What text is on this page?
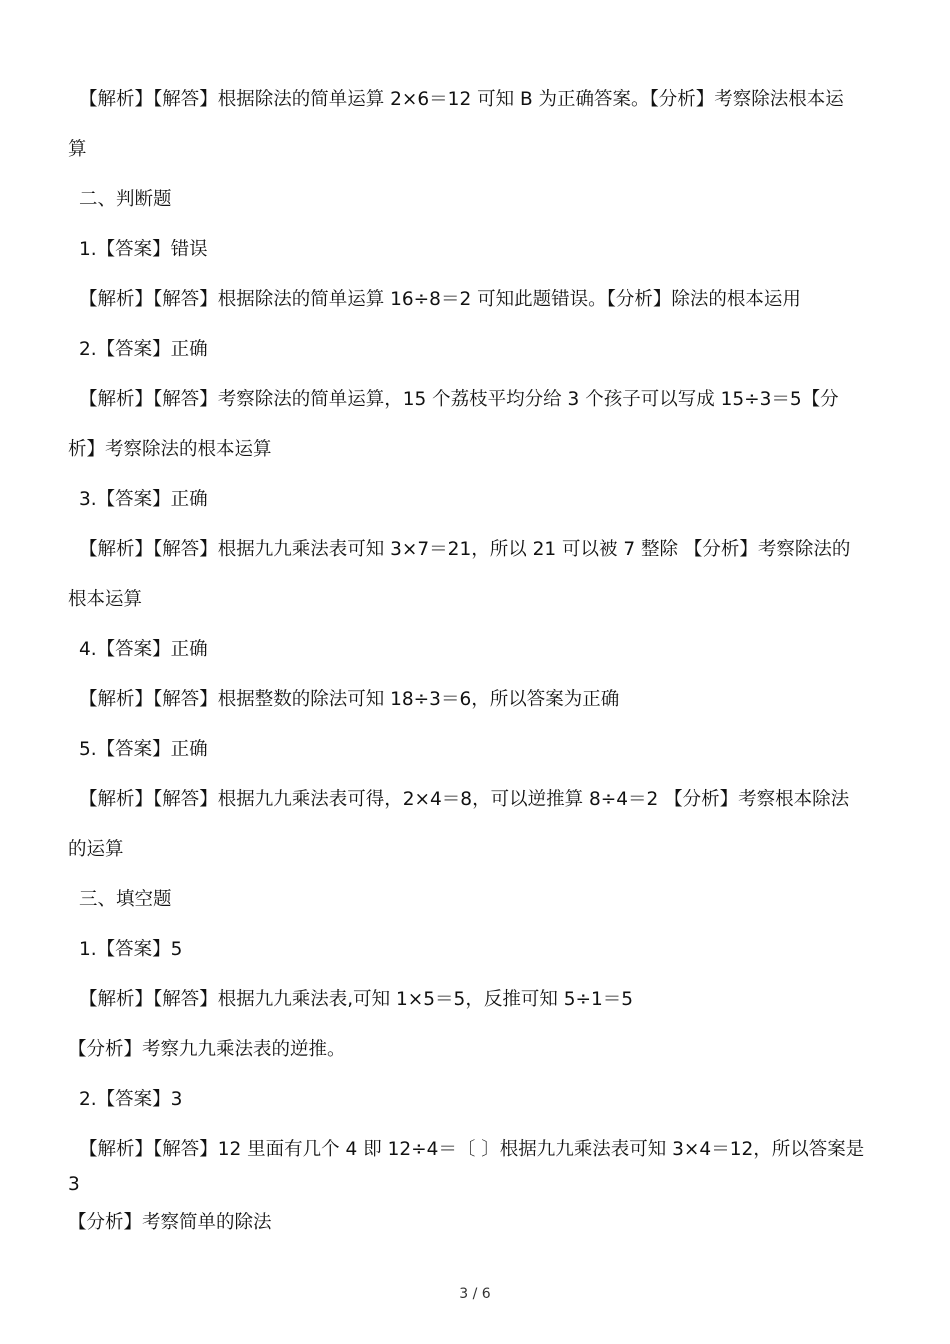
【解析】【解答】根据除法的简单运算 2×6＝12 可知 B 为正确答案。【分析】考察除法根本运
算
二、判断题
1.【答案】错误
【解析】【解答】根据除法的简单运算 16÷8＝2 可知此题错误。【分析】除法的根本运用
2.【答案】正确
【解析】【解答】考察除法的简单运算，15 个荔枝平均分给 3 个孩子可以写成 15÷3＝5【分
析】考察除法的根本运算
3.【答案】正确
【解析】【解答】根据九九乘法表可知 3×7＝21，所以 21 可以被 7 整除 【分析】考察除法的
根本运算
4.【答案】正确
【解析】【解答】根据整数的除法可知 18÷3＝6，所以答案为正确
5.【答案】正确
【解析】【解答】根据九九乘法表可得，2×4＝8，可以逆推算 8÷4＝2 【分析】考察根本除法
的运算
三、填空题
1.【答案】5
【解析】【解答】根据九九乘法表,可知 1×5＝5，反推可知 5÷1＝5
【分析】考察九九乘法表的逆推。
2.【答案】3
【解析】【解答】12 里面有几个 4 即 12÷4＝〔 〕根据九九乘法表可知 3×4＝12，所以答案是
3
【分析】考察简单的除法
3 / 6
